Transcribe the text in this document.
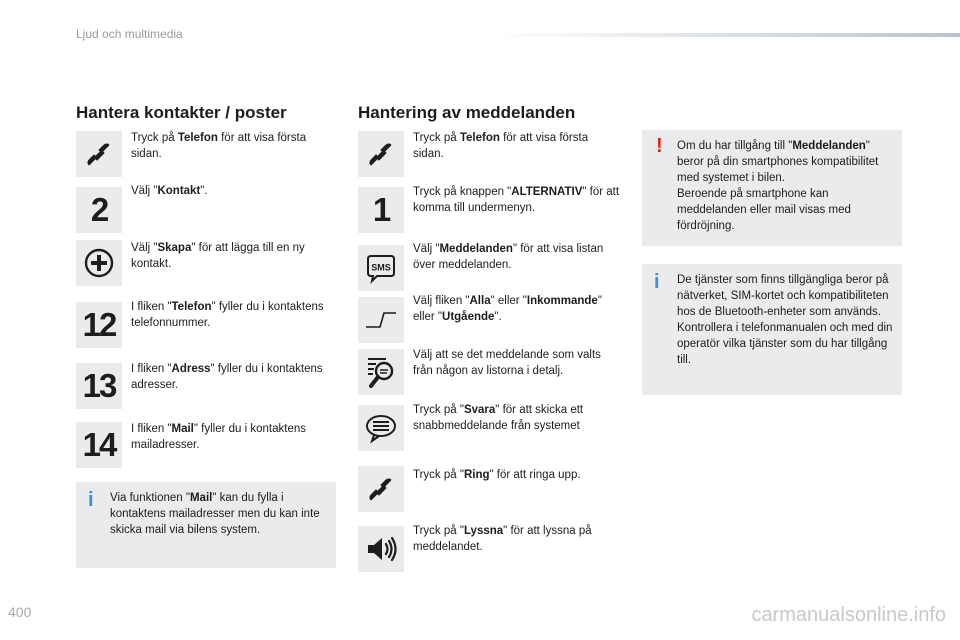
Ljud och multimedia
Hantera kontakter / poster
Tryck på Telefon för att visa första sidan.
2 Välj "Kontakt".
Välj "Skapa" för att lägga till en ny kontakt.
12 I fliken "Telefon" fyller du i kontaktens telefonnummer.
13 I fliken "Adress" fyller du i kontaktens adresser.
14 I fliken "Mail" fyller du i kontaktens mailadresser.
i Via funktionen "Mail" kan du fylla i kontaktens mailadresser men du kan inte skicka mail via bilens system.
Hantering av meddelanden
Tryck på Telefon för att visa första sidan.
1 Tryck på knappen "ALTERNATIV" för att komma till undermenyn.
SMS
Välj "Meddelanden" för att visa listan över meddelanden.
Välj fliken "Alla" eller "Inkommande" eller "Utgående".
Välj att se det meddelande som valts från någon av listorna i detalj.
Tryck på "Svara" för att skicka ett snabbmeddelande från systemet
Tryck på "Ring" för att ringa upp.
Tryck på "Lyssna" för att lyssna på meddelandet.
! Om du har tillgång till "Meddelanden" beror på din smartphones kompatibilitet med systemet i bilen.
Beroende på smartphone kan meddelanden eller mail visas med fördröjning.
i De tjänster som finns tillgängliga beror på nätverket, SIM-kortet och kompatibiliteten hos de Bluetooth-enheter som används.
Kontrollera i telefonmanualen och med din operatör vilka tjänster som du har tillgång till.
400	carmanualsonline.info
